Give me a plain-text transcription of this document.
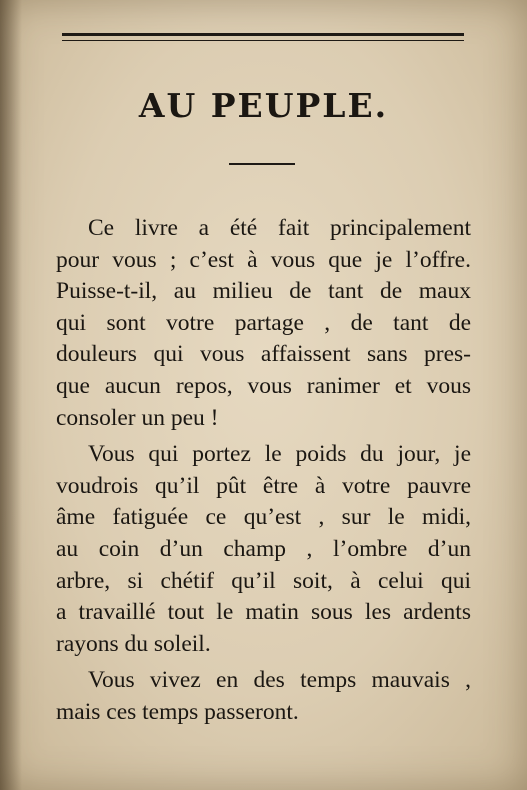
AU PEUPLE.
Ce livre a été fait principalement
pour vous ; c’est à vous que je l’offre.
Puisse-t-il, au milieu de tant de maux
qui sont votre partage , de tant de
douleurs qui vous affaissent sans pres-
que aucun repos, vous ranimer et vous
consoler un peu !
Vous qui portez le poids du jour, je
voudrois qu’il pût être à votre pauvre
âme fatiguée ce qu’est , sur le midi,
au coin d’un champ , l’ombre d’un
arbre, si chétif qu’il soit, à celui qui
a travaillé tout le matin sous les ardents
rayons du soleil.
Vous vivez en des temps mauvais ,
mais ces temps passeront.
